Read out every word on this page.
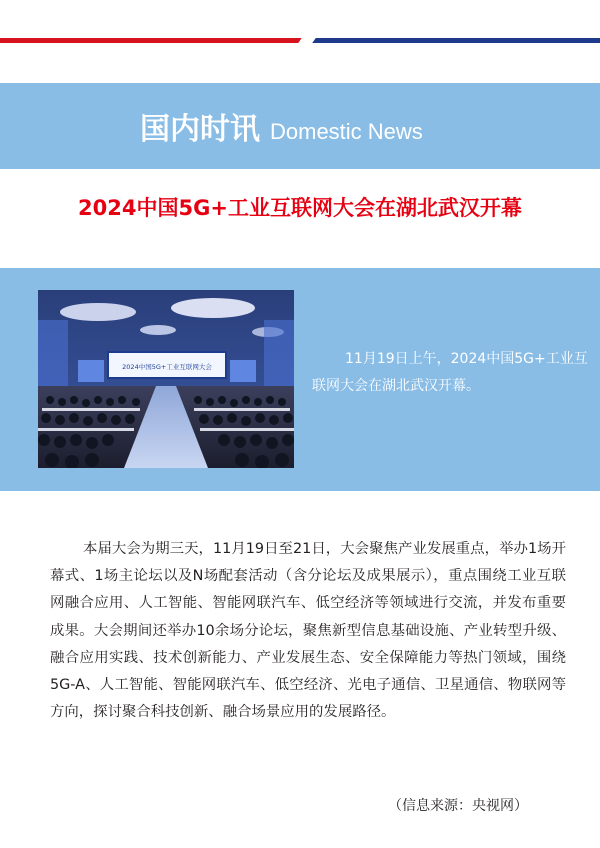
国内时讯 Domestic News
2024中国5G+工业互联网大会在湖北武汉开幕
2024中国5G+工业互联网大会	11月19日上午，2024中国5G+工业互联网大会在湖北武汉开幕。
本届大会为期三天，11月19日至21日，大会聚焦产业发展重点，举办1场开幕式、1场主论坛以及N场配套活动（含分论坛及成果展示），重点围绕工业互联网融合应用、人工智能、智能网联汽车、低空经济等领域进行交流，并发布重要成果。大会期间还举办10余场分论坛，聚焦新型信息基础设施、产业转型升级、融合应用实践、技术创新能力、产业发展生态、安全保障能力等热门领域，围绕5G-A、人工智能、智能网联汽车、低空经济、光电子通信、卫星通信、物联网等方向，探讨聚合科技创新、融合场景应用的发展路径。
（信息来源：央视网）
